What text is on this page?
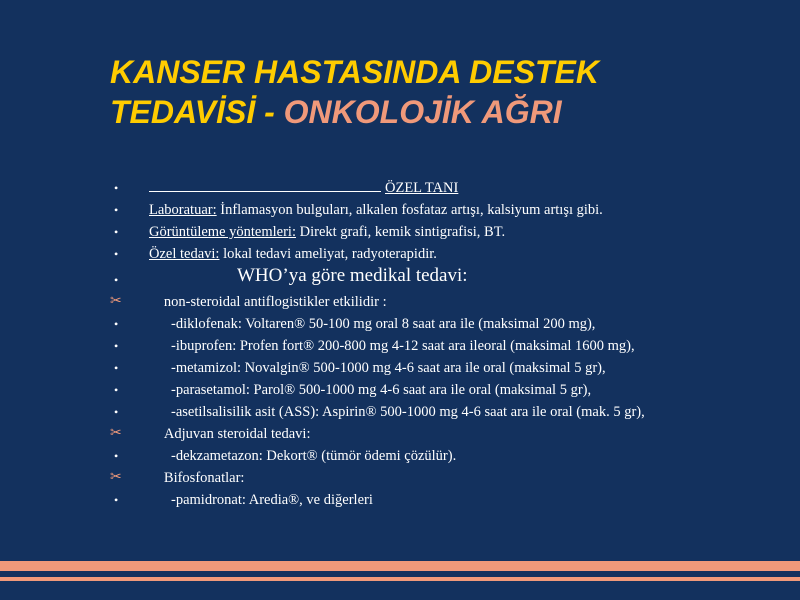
KANSER HASTASINDA DESTEK
TEDAVİSİ - ONKOLOJİK AĞRI
•	ÖZEL TANI
• Laboratuar: İnflamasyon bulguları, alkalen fosfataz artışı, kalsiyum artışı gibi.
• Görüntüleme yöntemleri: Direkt grafi, kemik sintigrafisi, BT.
• Özel tedavi: lokal tedavi ameliyat, radyoterapidir.
•	WHO’ya göre medikal tedavi:
✂ non-steroidal antiflogistikler etkilidir :
•	-diklofenak: Voltaren® 50-100 mg oral 8 saat ara ile (maksimal 200 mg),
•	-ibuprofen: Profen fort® 200-800 mg 4-12 saat ara ileoral (maksimal 1600 mg),
•	-metamizol: Novalgin® 500-1000 mg 4-6 saat ara ile oral (maksimal 5 gr),
•	-parasetamol: Parol® 500-1000 mg 4-6 saat ara ile oral (maksimal 5 gr),
•	-asetilsalisilik asit (ASS): Aspirin® 500-1000 mg 4-6 saat ara ile oral (mak. 5 gr),
✂ Adjuvan steroidal tedavi:
•	-dekzametazon: Dekort® (tümör ödemi çözülür).
✂ Bifosfonatlar:
•	-pamidronat: Aredia®, ve diğerleri
